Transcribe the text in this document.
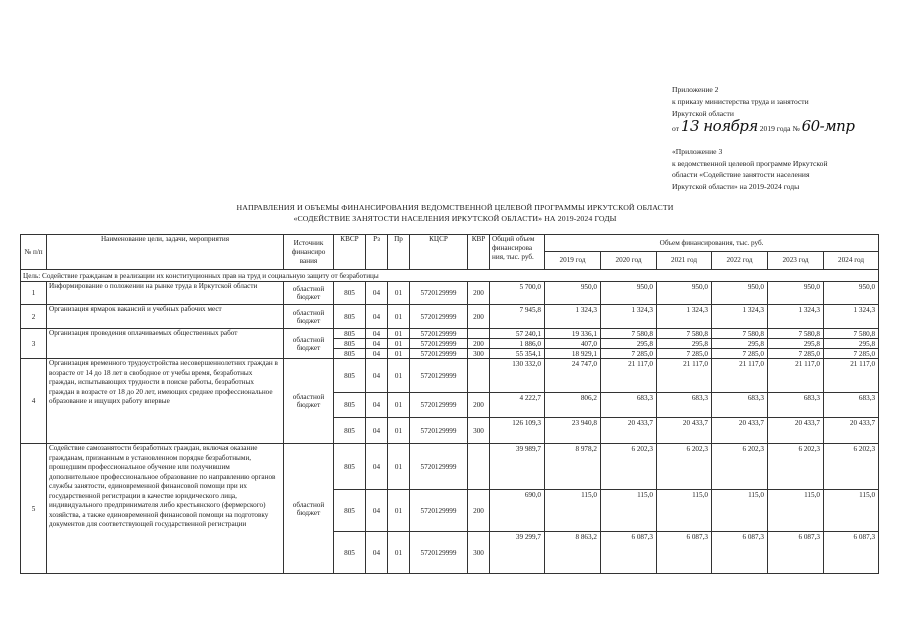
Приложение 2
к приказу министерства труда и занятости
Иркутской области
от 13 ноября 2019 года № 60-мпр
«Приложение 3
к ведомственной целевой программе Иркутской
области «Содействие занятости населения
Иркутской области» на 2019-2024 годы
НАПРАВЛЕНИЯ И ОБЪЕМЫ ФИНАНСИРОВАНИЯ ВЕДОМСТВЕННОЙ ЦЕЛЕВОЙ ПРОГРАММЫ ИРКУТСКОЙ ОБЛАСТИ
«СОДЕЙСТВИЕ ЗАНЯТОСТИ НАСЕЛЕНИЯ ИРКУТСКОЙ ОБЛАСТИ» НА 2019-2024 ГОДЫ
№ п/п	Наименование цели, задачи, мероприятия	Источник финансиро вания	КВСР	Рз	Пр	КЦСР	КВР	Общий объем финансирова ния, тыс. руб.	Объем финансирования, тыс. руб.					
									2019 год	2020 год	2021 год	2022 год	2023 год	2024 год
Цель: Содействие гражданам в реализации их конституционных прав на труд и социальную защиту от безработицы														
1	Информирование о положении на рынке труда в Иркутской области	областной бюджет	805	04	01	5720129999	200	5 700,0	950,0	950,0	950,0	950,0	950,0	950,0
2	Организация ярмарок вакансий и учебных рабочих мест	областной бюджет	805	04	01	5720129999	200	7 945,8	1 324,3	1 324,3	1 324,3	1 324,3	1 324,3	1 324,3
3	Организация проведения оплачиваемых общественных работ	областной бюджет	805	04	01	5720129999		57 240,1	19 336,1	7 580,8	7 580,8	7 580,8	7 580,8	7 580,8
			805	04	01	5720129999	200	1 886,0	407,0	295,8	295,8	295,8	295,8	295,8
			805	04	01	5720129999	300	55 354,1	18 929,1	7 285,0	7 285,0	7 285,0	7 285,0	7 285,0
4	Организация временного трудоустройства несовершеннолетних граждан в возрасте от 14 до 18 лет в свободное от учебы время, безработных граждан, испытывающих трудности в поиске работы, безработных граждан в возрасте от 18 до 20 лет, имеющих среднее профессиональное образование и ищущих работу впервые	областной бюджет	805	04	01	5720129999		130 332,0	24 747,0	21 117,0	21 117,0	21 117,0	21 117,0	21 117,0
			805	04	01	5720129999	200	4 222,7	806,2	683,3	683,3	683,3	683,3	683,3
			805	04	01	5720129999	300	126 109,3	23 940,8	20 433,7	20 433,7	20 433,7	20 433,7	20 433,7
5	Содействие самозанятости безработных граждан, включая оказание гражданам, признанным в установленном порядке безработными, прошедшим профессиональное обучение или получившим дополнительное профессиональное образование по направлению органов службы занятости, единовременной финансовой помощи при их государственной регистрации в качестве юридического лица, индивидуального предпринимателя либо крестьянского (фермерского) хозяйства, а также единовременной финансовой помощи на подготовку документов для соответствующей государственной регистрации	областной бюджет	805	04	01	5720129999		39 989,7	8 978,2	6 202,3	6 202,3	6 202,3	6 202,3	6 202,3
			805	04	01	5720129999	200	690,0	115,0	115,0	115,0	115,0	115,0	115,0
			805	04	01	5720129999	300	39 299,7	8 863,2	6 087,3	6 087,3	6 087,3	6 087,3	6 087,3
